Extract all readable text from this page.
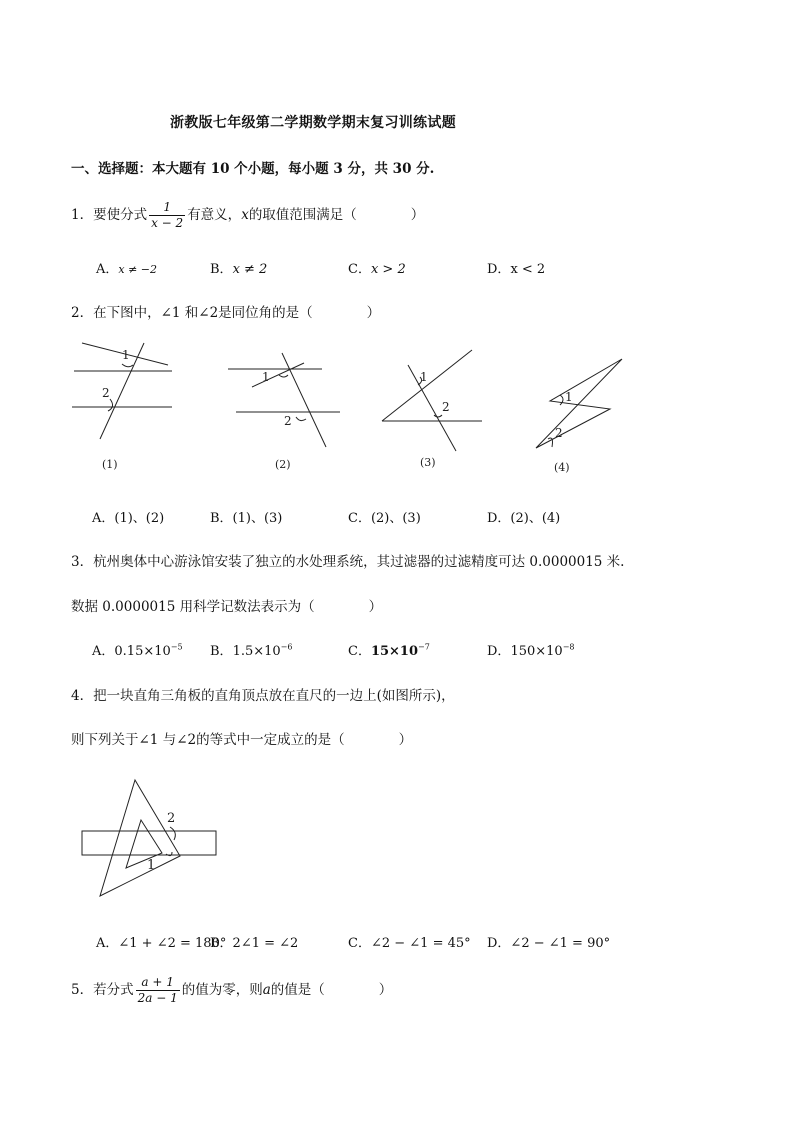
浙教版七年级第二学期数学期末复习训练试题
一、选择题：本大题有 10 个小题，每小题 3 分，共 30 分.
1．要使分式 $\frac{1}{x - 2}$ 有意义，x的取值范围满足（　　　　）
A．x ≠ −2	B．x ≠ 2	C．x > 2	D．x < 2
2．在下图中，∠1 和∠2是同位角的是（　　　　）
1
2
(1)
1
2
(2)
1
2
(3)
1
2
(4)
A．(1)、(2)	B．(1)、(3)	C．(2)、(3)	D．(2)、(4)
3．杭州奥体中心游泳馆安装了独立的水处理系统，其过滤器的过滤精度可达 0.0000015 米.
数据 0.0000015 用科学记数法表示为（　　　　）
A．$0.15\times 10^{-5}$ B．$1.5\times 10^{-6}$	C．$15\times 10^{-7}$	D．$150\times 10^{-8}$
4．把一块直角三角板的直角顶点放在直尺的一边上(如图所示)，
则下列关于∠1 与∠2的等式中一定成立的是（　　　　）
2
1
A．∠1 + ∠2 = 180°
B．2∠1 = ∠2	C．∠2 − ∠1 = 45° D．∠2 − ∠1 = 90°
5．若分式 $\frac{a + 1}{2a - 1}$ 的值为零，则a的值是（　　　　）
